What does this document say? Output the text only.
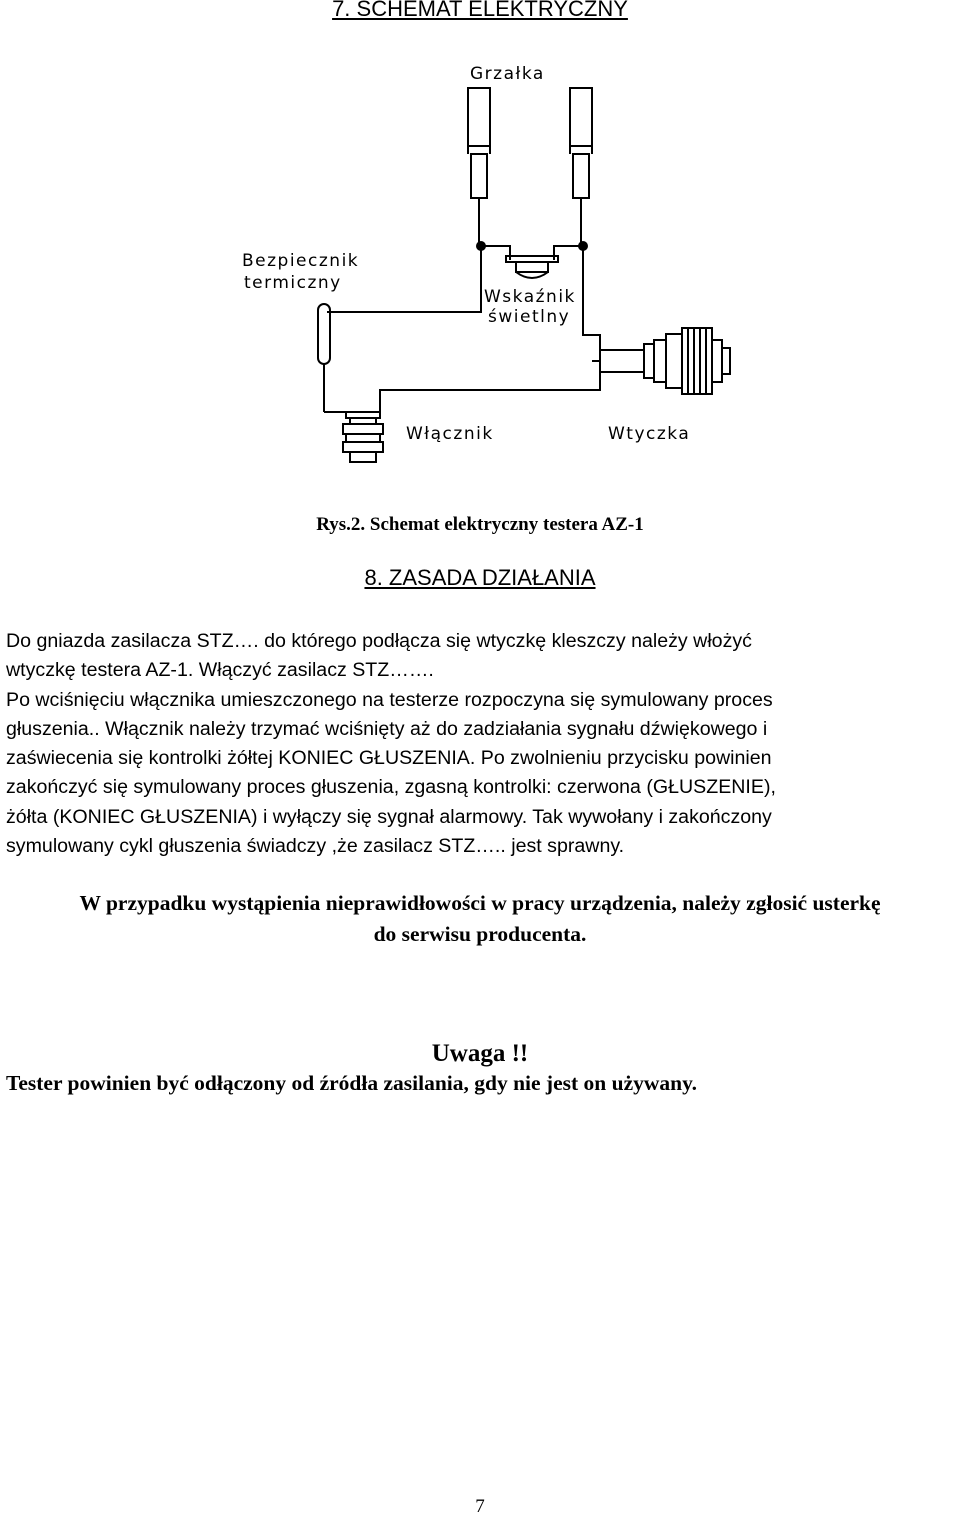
7. SCHEMAT ELEKTRYCZNY
Grzałka
Wskaźnik
świetlny
Bezpiecznik
termiczny
Włącznik	Wtyczka
Rys.2. Schemat elektryczny testera AZ-1
8. ZASADA DZIAŁANIA
Do gniazda zasilacza STZ…. do którego podłącza się wtyczkę kleszczy należy włożyć
wtyczkę testera AZ-1. Włączyć zasilacz STZ…….
Po wciśnięciu włącznika umieszczonego na testerze rozpoczyna się symulowany proces
głuszenia.. Włącznik należy trzymać wciśnięty aż do zadziałania sygnału dźwiękowego i
zaświecenia się kontrolki żółtej KONIEC GŁUSZENIA. Po zwolnieniu przycisku powinien
zakończyć się symulowany proces głuszenia, zgasną kontrolki: czerwona (GŁUSZENIE),
żółta (KONIEC GŁUSZENIA) i wyłączy się sygnał alarmowy. Tak wywołany i zakończony
symulowany cykl głuszenia świadczy ,że zasilacz STZ….. jest sprawny.
W przypadku wystąpienia nieprawidłowości w pracy urządzenia, należy zgłosić usterkę
do serwisu producenta.
Uwaga !!
Tester powinien być odłączony od źródła zasilania, gdy nie jest on używany.
7
